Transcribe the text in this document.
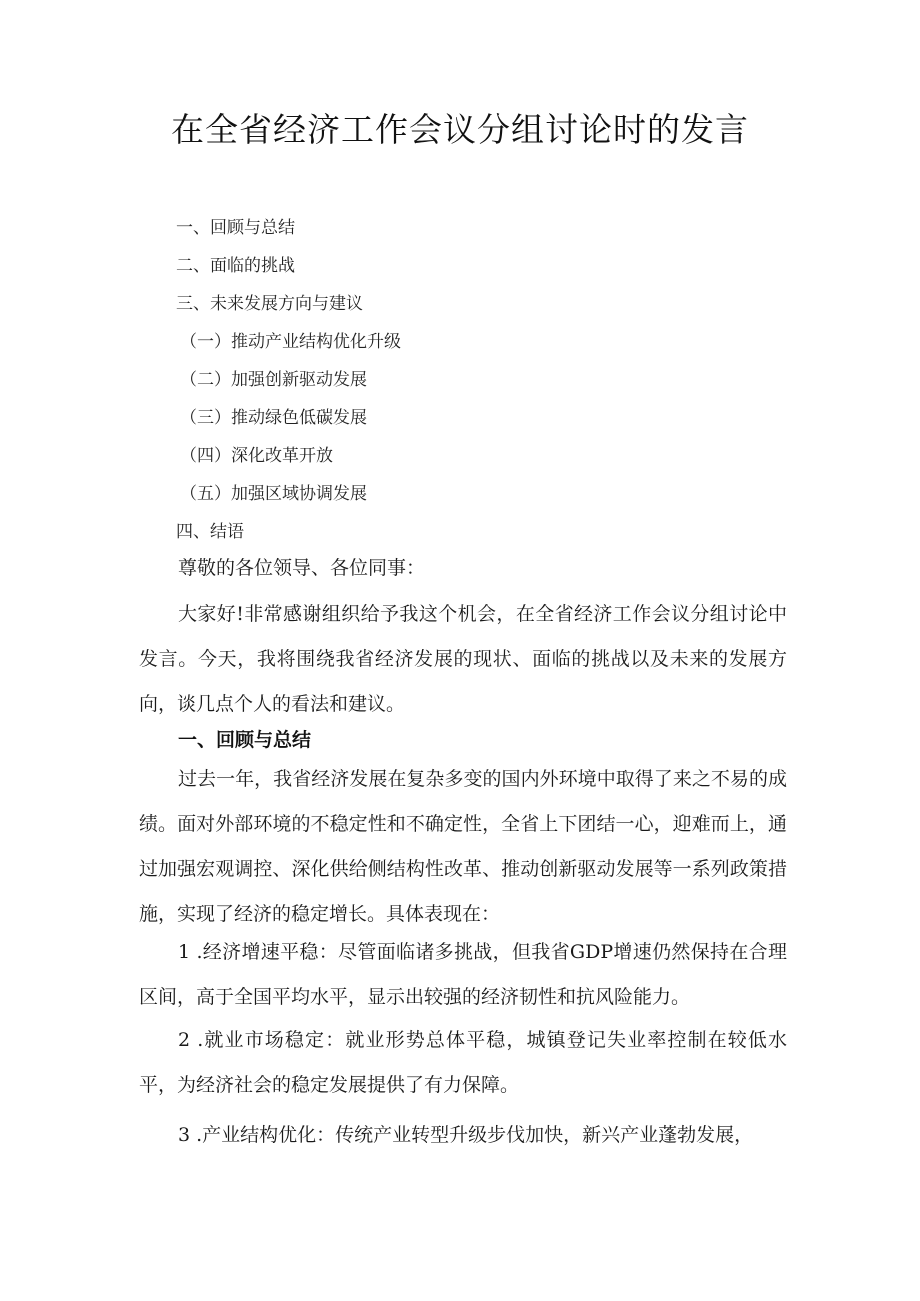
在全省经济工作会议分组讨论时的发言
一、回顾与总结
二、面临的挑战
三、未来发展方向与建议
（一）推动产业结构优化升级
（二）加强创新驱动发展
（三）推动绿色低碳发展
（四）深化改革开放
（五）加强区域协调发展
四、结语
尊敬的各位领导、各位同事：
大家好!非常感谢组织给予我这个机会，在全省经济工作会议分组讨论中发言。今天，我将围绕我省经济发展的现状、面临的挑战以及未来的发展方向，谈几点个人的看法和建议。
一、回顾与总结
过去一年，我省经济发展在复杂多变的国内外环境中取得了来之不易的成绩。面对外部环境的不稳定性和不确定性，全省上下团结一心，迎难而上，通过加强宏观调控、深化供给侧结构性改革、推动创新驱动发展等一系列政策措施，实现了经济的稳定增长。具体表现在：
1 .经济增速平稳：尽管面临诸多挑战，但我省GDP增速仍然保持在合理区间，高于全国平均水平，显示出较强的经济韧性和抗风险能力。
2 .就业市场稳定：就业形势总体平稳，城镇登记失业率控制在较低水平，为经济社会的稳定发展提供了有力保障。
3 .产业结构优化：传统产业转型升级步伐加快，新兴产业蓬勃发展，
